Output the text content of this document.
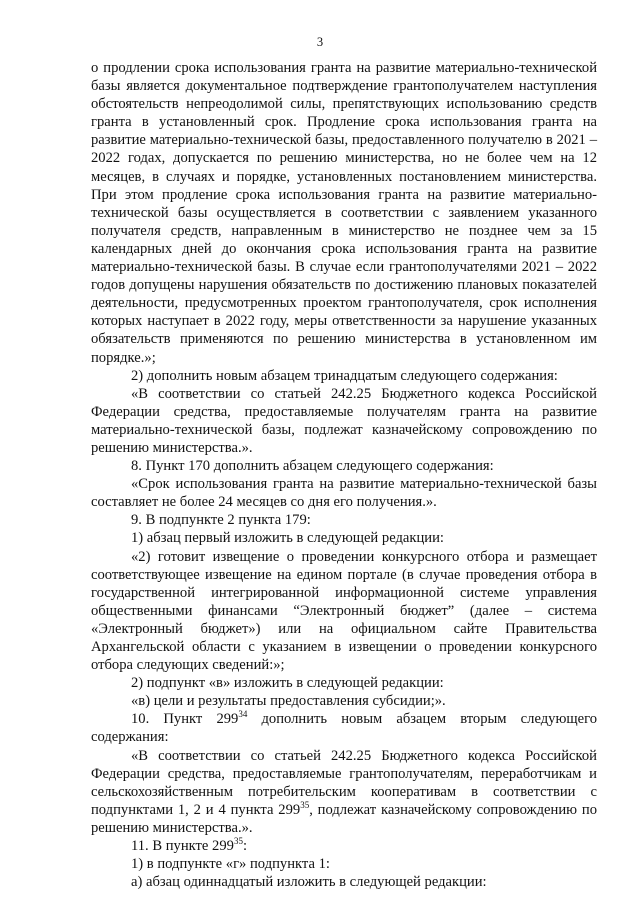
3

о продлении срока использования гранта на развитие материально-технической базы является документальное подтверждение грантополучателем наступления обстоятельств непреодолимой силы, препятствующих использованию средств гранта в установленный срок. Продление срока использования гранта на развитие материально-технической базы, предоставленного получателю в 2021 – 2022 годах, допускается по решению министерства, но не более чем на 12 месяцев, в случаях и порядке, установленных постановлением министерства. При этом продление срока использования гранта на развитие материально-технической базы осуществляется в соответствии с заявлением указанного получателя средств, направленным в министерство не позднее чем за 15 календарных дней до окончания срока использования гранта на развитие материально-технической базы. В случае если грантополучателями 2021 – 2022 годов допущены нарушения обязательств по достижению плановых показателей деятельности, предусмотренных проектом грантополучателя, срок исполнения которых наступает в 2022 году, меры ответственности за нарушение указанных обязательств применяются по решению министерства в установленном им порядке.»;

2) дополнить новым абзацем тринадцатым следующего содержания:

«В соответствии со статьей 242.25 Бюджетного кодекса Российской Федерации средства, предоставляемые получателям гранта на развитие материально-технической базы, подлежат казначейскому сопровождению по решению министерства.».

8. Пункт 170 дополнить абзацем следующего содержания:

«Срок использования гранта на развитие материально-технической базы составляет не более 24 месяцев со дня его получения.».

9. В подпункте 2 пункта 179:

1) абзац первый изложить в следующей редакции:

«2) готовит извещение о проведении конкурсного отбора и размещает соответствующее извещение на едином портале (в случае проведения отбора в государственной интегрированной информационной системе управления общественными финансами “Электронный бюджет” (далее – система «Электронный бюджет») или на официальном сайте Правительства Архангельской области с указанием в извещении о проведении конкурсного отбора следующих сведений:»;

2) подпункт «в» изложить в следующей редакции:

«в) цели и результаты предоставления субсидии;».

10. Пункт $299^{34}$ дополнить новым абзацем вторым следующего содержания:

«В соответствии со статьей 242.25 Бюджетного кодекса Российской Федерации средства, предоставляемые грантополучателям, переработчикам и сельскохозяйственным потребительским кооперативам в соответствии с подпунктами 1, 2 и 4 пункта $299^{35}$, подлежат казначейскому сопровождению по решению министерства.».

11. В пункте $299^{35}$:

1) в подпункте «г» подпункта 1:

а) абзац одиннадцатый изложить в следующей редакции:
